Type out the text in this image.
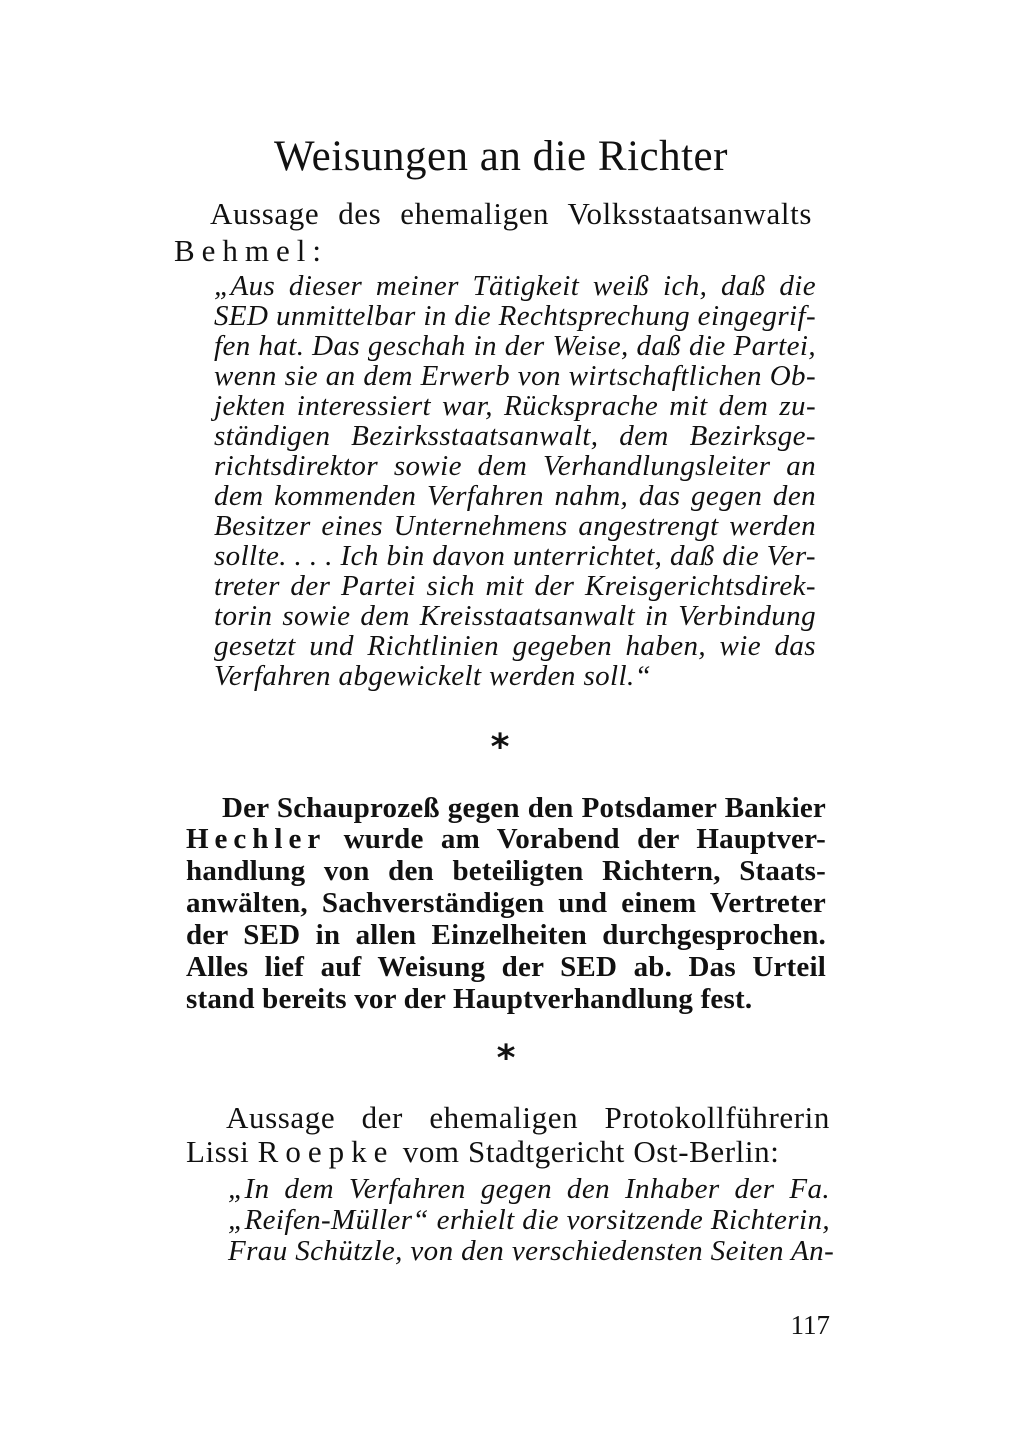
Weisungen an die Richter
Aussage des ehemaligen Volksstaatsanwalts
Behmel:
„Aus dieser meiner Tätigkeit weiß ich, daß die
SED unmittelbar in die Rechtsprechung eingegrif-
fen hat. Das geschah in der Weise, daß die Partei,
wenn sie an dem Erwerb von wirtschaftlichen Ob-
jekten interessiert war, Rücksprache mit dem zu-
ständigen Bezirksstaatsanwalt, dem Bezirksge-
richtsdirektor sowie dem Verhandlungsleiter an
dem kommenden Verfahren nahm, das gegen den
Besitzer eines Unternehmens angestrengt werden
sollte. . . . Ich bin davon unterrichtet, daß die Ver-
treter der Partei sich mit der Kreisgerichtsdirek-
torin sowie dem Kreisstaatsanwalt in Verbindung
gesetzt und Richtlinien gegeben haben, wie das
Verfahren abgewickelt werden soll.“
*
Der Schauprozeß gegen den Potsdamer Bankier
Hechler wurde am Vorabend der Hauptver-
handlung von den beteiligten Richtern, Staats-
anwälten, Sachverständigen und einem Vertreter
der SED in allen Einzelheiten durchgesprochen.
Alles lief auf Weisung der SED ab. Das Urteil
stand bereits vor der Hauptverhandlung fest.
*
Aussage der ehemaligen Protokollführerin
Lissi Roepke vom Stadtgericht Ost-Berlin:
„In dem Verfahren gegen den Inhaber der Fa.
„Reifen-Müller“ erhielt die vorsitzende Richterin,
Frau Schützle, von den verschiedensten Seiten An-
117
